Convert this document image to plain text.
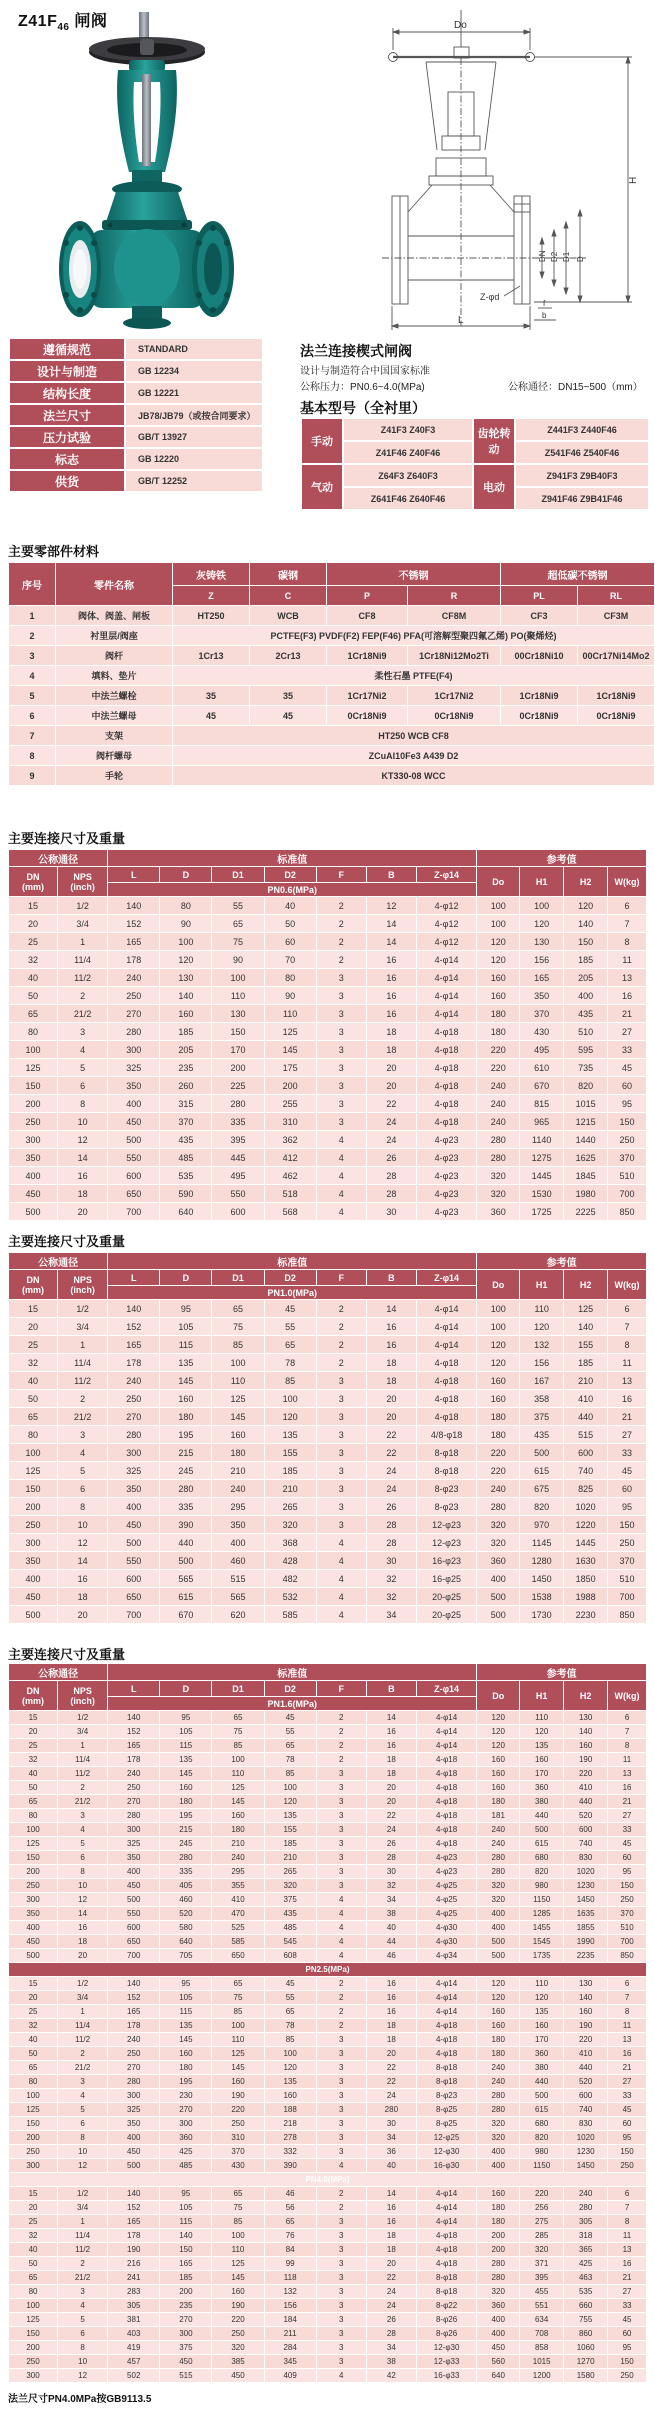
$Z41F_{46}$ 闸阀	Do
H
DN D2 D1 D
Z-φd
f
b
L
遵循规范	STANDARD
设计与制造	GB 12234
结构长度	GB 12221
法兰尺寸	JB78/JB79（或按合同要求）
压力试验	GB/T 13927
标志	GB 12220
供货	GB/T 12252
法兰连接楔式闸阀
设计与制造符合中国国家标准
公称压力：PN0.6~4.0(MPa)	公称通径：DN15~500（mm）
基本型号（全衬里）
手动	Z41F3 Z40F3	齿轮转动	Z441F3 Z440F46
	Z41F46 Z40F46		Z541F46 Z540F46
气动	Z64F3 Z640F3	电动	Z941F3 Z9B40F3
	Z641F46 Z640F46		Z941F46 Z9B41F46
主要零部件材料
序号	零件名称	灰铸铁	碳钢	不锈钢		超低碳不锈钢	
		Z	C	P	R	PL	RL
1	阀体、阀盖、闸板	HT250	WCB	CF8	CF8M	CF3	CF3M
2	衬里层/阀座	PCTFE(F3) PVDF(F2) FEP(F46) PFA(可溶解型聚四氟乙烯) PO(聚烯烃)					
3	阀杆	1Cr13	2Cr13	1Cr18Ni9	1Cr18Ni12Mo2Ti	00Cr18Ni10	00Cr17Ni14Mo2
4	填料、垫片	柔性石墨 PTFE(F4)					
5	中法兰螺栓	35	35	1Cr17Ni2	1Cr17Ni2	1Cr18Ni9	1Cr18Ni9
6	中法兰螺母	45	45	0Cr18Ni9	0Cr18Ni9	0Cr18Ni9	0Cr18Ni9
7	支架	HT250 WCB CF8					
8	阀杆螺母	ZCuAl10Fe3 A439 D2					
9	手轮	KT330-08 WCC					
主要连接尺寸及重量
公称通径		标准值							参考值			
DN
(mm)	NPS
(inch)	L	D	D1	D2	F	B	Z-φ14	Do	H1	H2	W(kg)
		PN0.6(MPa)										
15	1/2	140	80	55	40	2	12	4-φ12	100	100	120	6
20	3/4	152	90	65	50	2	14	4-φ12	100	120	140	7
25	1	165	100	75	60	2	14	4-φ12	120	130	150	8
32	11/4	178	120	90	70	2	16	4-φ14	120	156	185	11
40	11/2	240	130	100	80	3	16	4-φ14	160	165	205	13
50	2	250	140	110	90	3	16	4-φ14	160	350	400	16
65	21/2	270	160	130	110	3	16	4-φ14	180	370	435	21
80	3	280	185	150	125	3	18	4-φ18	180	430	510	27
100	4	300	205	170	145	3	18	4-φ18	220	495	595	33
125	5	325	235	200	175	3	20	4-φ18	220	610	735	45
150	6	350	260	225	200	3	20	4-φ18	240	670	820	60
200	8	400	315	280	255	3	22	4-φ18	240	815	1015	95
250	10	450	370	335	310	3	24	4-φ18	240	965	1215	150
300	12	500	435	395	362	4	24	4-φ23	280	1140	1440	250
350	14	550	485	445	412	4	26	4-φ23	280	1275	1625	370
400	16	600	535	495	462	4	28	4-φ23	320	1445	1845	510
450	18	650	590	550	518	4	28	4-φ23	320	1530	1980	700
500	20	700	640	600	568	4	30	4-φ23	360	1725	2225	850
主要连接尺寸及重量
公称通径		标准值							参考值			
DN
(mm)	NPS
(inch)	L	D	D1	D2	F	B	Z-φ14	Do	H1	H2	W(kg)
		PN1.0(MPa)										
15	1/2	140	95	65	45	2	14	4-φ14	100	110	125	6
20	3/4	152	105	75	55	2	16	4-φ14	100	120	140	7
25	1	165	115	85	65	2	16	4-φ14	120	132	155	8
32	11/4	178	135	100	78	2	18	4-φ18	120	156	185	11
40	11/2	240	145	110	85	3	18	4-φ18	160	167	210	13
50	2	250	160	125	100	3	20	4-φ18	160	358	410	16
65	21/2	270	180	145	120	3	20	4-φ18	180	375	440	21
80	3	280	195	160	135	3	22	4/8-φ18	180	435	515	27
100	4	300	215	180	155	3	22	8-φ18	220	500	600	33
125	5	325	245	210	185	3	24	8-φ18	220	615	740	45
150	6	350	280	240	210	3	24	8-φ23	240	675	825	60
200	8	400	335	295	265	3	26	8-φ23	280	820	1020	95
250	10	450	390	350	320	3	28	12-φ23	320	970	1220	150
300	12	500	440	400	368	4	28	12-φ23	320	1145	1445	250
350	14	550	500	460	428	4	30	16-φ23	360	1280	1630	370
400	16	600	565	515	482	4	32	16-φ25	400	1450	1850	510
450	18	650	615	565	532	4	32	20-φ25	500	1538	1988	700
500	20	700	670	620	585	4	34	20-φ25	500	1730	2230	850
主要连接尺寸及重量
公称通径		标准值							参考值			
DN
(mm)	NPS
(inch)	L	D	D1	D2	F	B	Z-φ14	Do	H1	H2	W(kg)
		PN1.6(MPa)										
15	1/2	140	95	65	45	2	14	4-φ14	120	110	130	6
20	3/4	152	105	75	55	2	16	4-φ14	120	120	140	7
25	1	165	115	85	65	2	16	4-φ14	120	135	160	8
32	11/4	178	135	100	78	2	18	4-φ18	160	160	190	11
40	11/2	240	145	110	85	3	18	4-φ18	160	170	220	13
50	2	250	160	125	100	3	20	4-φ18	160	360	410	16
65	21/2	270	180	145	120	3	20	4-φ18	180	380	440	21
80	3	280	195	160	135	3	22	4-φ18	181	440	520	27
100	4	300	215	180	155	3	24	4-φ18	240	500	600	33
125	5	325	245	210	185	3	26	4-φ18	240	615	740	45
150	6	350	280	240	210	3	28	4-φ23	280	680	830	60
200	8	400	335	295	265	3	30	4-φ23	280	820	1020	95
250	10	450	405	355	320	3	32	4-φ25	320	980	1230	150
300	12	500	460	410	375	4	34	4-φ25	320	1150	1450	250
350	14	550	520	470	435	4	38	4-φ25	400	1285	1635	370
400	16	600	580	525	485	4	40	4-φ30	400	1455	1855	510
450	18	650	640	585	545	4	44	4-φ30	500	1545	1990	700
500	20	700	705	650	608	4	46	4-φ34	500	1735	2235	850
PN2.5(MPa)												
15	1/2	140	95	65	45	2	16	4-φ14	120	110	130	6
20	3/4	152	105	75	55	2	16	4-φ14	120	120	140	7
25	1	165	115	85	65	2	16	4-φ14	160	135	160	8
32	11/4	178	135	100	78	2	18	4-φ18	160	160	190	11
40	11/2	240	145	110	85	3	18	4-φ18	180	170	220	13
50	2	250	160	125	100	3	20	4-φ18	180	360	410	16
65	21/2	270	180	145	120	3	22	8-φ18	240	380	440	21
80	3	280	195	160	135	3	22	8-φ18	240	440	520	27
100	4	300	230	190	160	3	24	8-φ23	280	500	600	33
125	5	325	270	220	188	3	280	8-φ25	280	615	740	45
150	6	350	300	250	218	3	30	8-φ25	320	680	830	60
200	8	400	360	310	278	3	34	12-φ25	320	820	1020	95
250	10	450	425	370	332	3	36	12-φ30	400	980	1230	150
300	12	500	485	430	390	4	40	16-φ30	400	1150	1450	250
PN4.0(MPa)												
15	1/2	140	95	65	46	2	14	4-φ14	160	220	240	6
20	3/4	152	105	75	56	2	16	4-φ14	180	256	280	7
25	1	165	115	85	65	3	16	4-φ14	180	275	305	8
32	11/4	178	140	100	76	3	18	4-φ18	200	285	318	11
40	11/2	190	150	110	84	3	18	4-φ18	200	320	365	13
50	2	216	165	125	99	3	20	4-φ18	280	371	425	16
65	21/2	241	185	145	118	3	22	8-φ18	280	395	463	21
80	3	283	200	160	132	3	24	8-φ18	320	455	535	27
100	4	305	235	190	156	3	24	8-φ22	360	551	660	33
125	5	381	270	220	184	3	26	8-φ26	400	634	755	45
150	6	403	300	250	211	3	28	8-φ26	400	708	860	60
200	8	419	375	320	284	3	34	12-φ30	450	858	1060	95
250	10	457	450	385	345	3	38	12-φ33	560	1015	1270	150
300	12	502	515	450	409	4	42	16-φ33	640	1200	1580	250
法兰尺寸PN4.0MPa按GB9113.5
